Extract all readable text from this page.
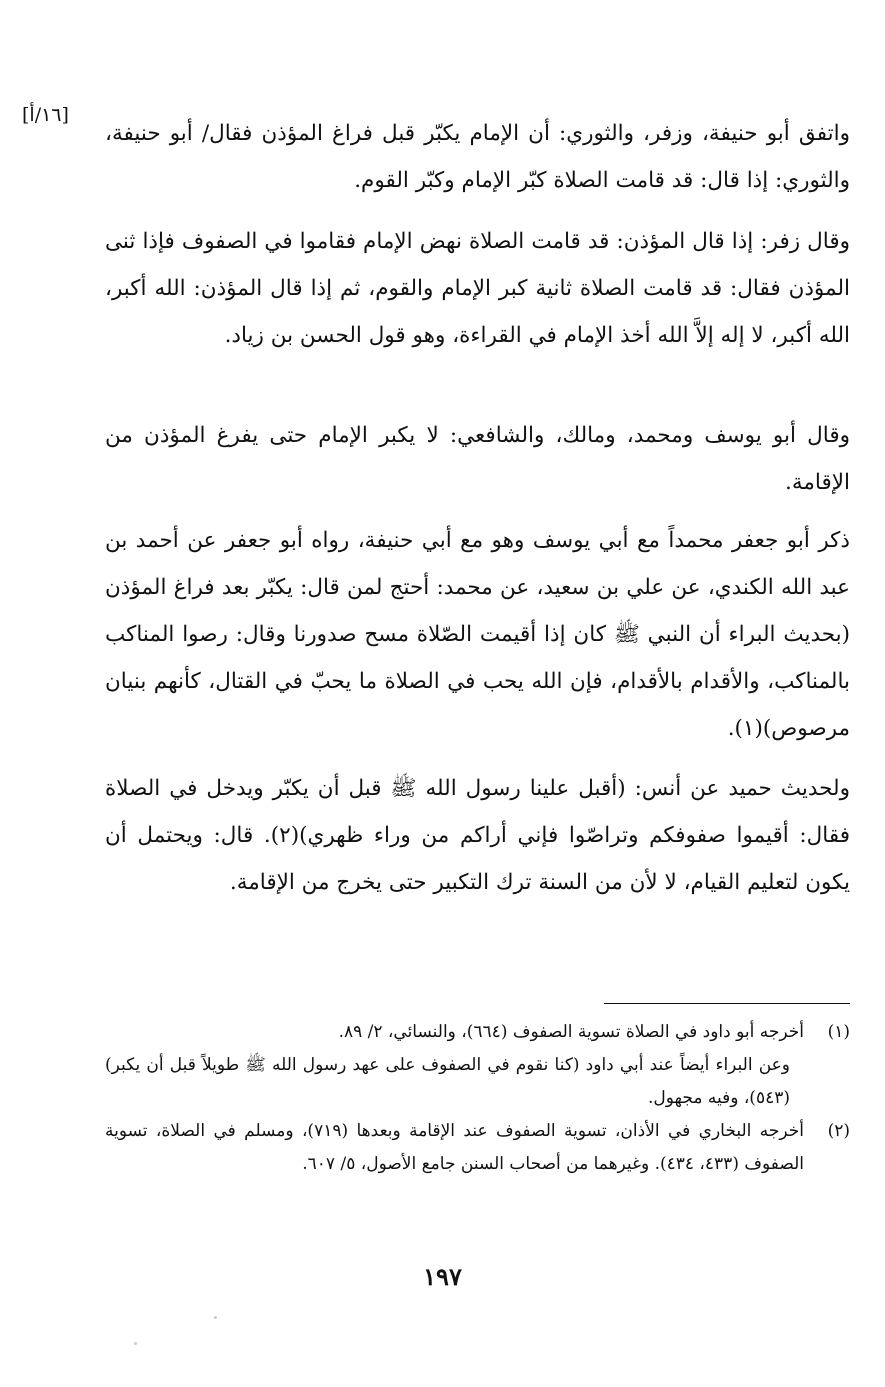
[١٦/أ]

واتفق أبو حنيفة، وزفر، والثوري: أن الإمام يكبّر قبل فراغ المؤذن فقال/ أبو حنيفة، والثوري: إذا قال: قد قامت الصلاة كبّر الإمام وكبّر القوم.

وقال زفر: إذا قال المؤذن: قد قامت الصلاة نهض الإمام فقاموا في الصفوف فإذا ثنى المؤذن فقال: قد قامت الصلاة ثانية كبر الإمام والقوم، ثم إذا قال المؤذن: الله أكبر، الله أكبر، لا إله إلاَّ الله أخذ الإمام في القراءة، وهو قول الحسن بن زياد.

وقال أبو يوسف ومحمد، ومالك، والشافعي: لا يكبر الإمام حتى يفرغ المؤذن من الإقامة.

ذكر أبو جعفر محمداً مع أبي يوسف وهو مع أبي حنيفة، رواه أبو جعفر عن أحمد بن عبد الله الكندي، عن علي بن سعيد، عن محمد: أحتج لمن قال: يكبّر بعد فراغ المؤذن (بحديث البراء أن النبي ﷺ كان إذا أقيمت الصّلاة مسح صدورنا وقال: رصوا المناكب بالمناكب، والأقدام بالأقدام، فإن الله يحب في الصلاة ما يحبّ في القتال، كأنهم بنيان مرصوص)(١).

ولحديث حميد عن أنس: (أقبل علينا رسول الله ﷺ قبل أن يكبّر ويدخل في الصلاة فقال: أقيموا صفوفكم وتراصّوا فإني أراكم من وراء ظهري)(٢). قال: ويحتمل أن يكون لتعليم القيام، لا لأن من السنة ترك التكبير حتى يخرج من الإقامة.

(١)
أخرجه أبو داود في الصلاة تسوية الصفوف (٦٦٤)، والنسائي، ٢/ ٨٩.
وعن البراء أيضاً عند أبي داود (كنا نقوم في الصفوف على عهد رسول الله ﷺ طويلاً قبل أن يكبر) (٥٤٣)، وفيه مجهول.
(٢)
أخرجه البخاري في الأذان، تسوية الصفوف عند الإقامة وبعدها (٧١٩)، ومسلم في الصلاة، تسوية الصفوف (٤٣٣، ٤٣٤). وغيرهما من أصحاب السنن جامع الأصول، ٥/ ٦٠٧.
١٩٧
